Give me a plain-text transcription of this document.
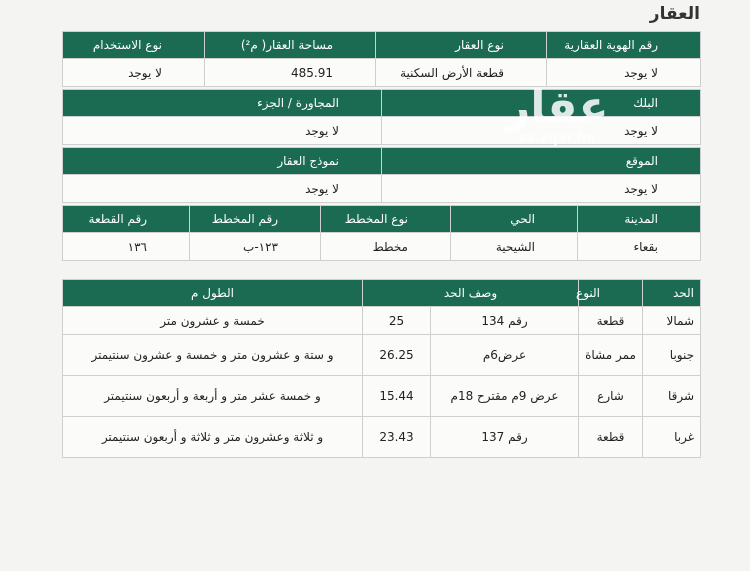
العقار
رقم الهوية العقارية	نوع العقار	مساحة العقار( م²)	نوع الاستخدام
لا يوجد	قطعة الأرض السكنية	485.91	لا يوجد
البلك	المجاورة / الجزء
لا يوجد	لا يوجد
الموقع	نموذج العقار
لا يوجد	لا يوجد
المدينة	الحي	نوع المخطط	رقم المخطط	رقم القطعة
بقعاء	الشيحية	مخطط	١٢٣-ب	١٣٦
الحد	النوع	وصف الحد		الطول م
شمالا	قطعة	رقم 134	25	خمسة و عشرون متر
جنوبا	ممر مشاة	عرض6م	26.25	و ستة و عشرون متر و خمسة و عشرون سنتيمتر
شرقا	شارع	عرض 9م مقترح 18م	15.44	و خمسة عشر متر و أربعة و أربعون سنتيمتر
غربا	قطعة	رقم 137	23.43	و ثلاثة وعشرون متر و ثلاثة و أربعون سنتيمتر
عقار
sa.aqar.fm
